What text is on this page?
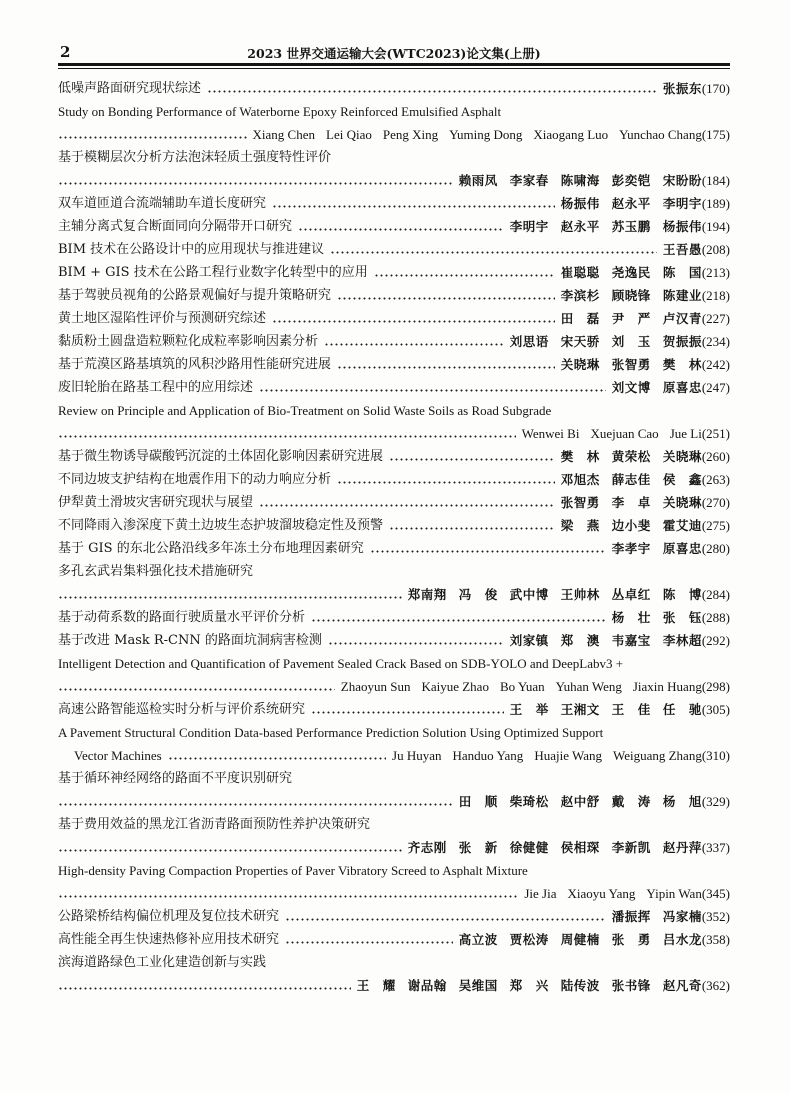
2	2023 世界交通运输大会(WTC2023)论文集(上册)
低噪声路面研究现状综述	张振东 (170)
Study on Bonding Performance of Waterborne Epoxy Reinforced Emulsified Asphalt
Xiang Chen Lei Qiao Peng Xing Yuming Dong Xiaogang Luo Yunchao Chang (175)
基于模糊层次分析方法泡沫轻质土强度特性评价
赖雨凤 李家春 陈啸海 彭奕铠 宋盼盼 (184)
双车道匝道合流端辅助车道长度研究	杨振伟 赵永平 李明宇 (189)
主辅分离式复合断面同向分隔带开口研究	李明宇 赵永平 苏玉鹏 杨振伟 (194)
BIM 技术在公路设计中的应用现状与推进建议	王吾愚 (208)
BIM + GIS 技术在公路工程行业数字化转型中的应用	崔聪聪 尧逸民 陈　国 (213)
基于驾驶员视角的公路景观偏好与提升策略研究	李滨杉 顾晓锋 陈建业 (218)
黄土地区湿陷性评价与预测研究综述	田　磊 尹　严 卢汉青 (227)
黏质粉土圆盘造粒颗粒化成粒率影响因素分析	刘思语 宋天骄 刘　玉 贺振振 (234)
基于荒漠区路基填筑的风积沙路用性能研究进展	关晓琳 张智勇 樊　林 (242)
废旧轮胎在路基工程中的应用综述	刘文博 原喜忠 (247)
Review on Principle and Application of Bio-Treatment on Solid Waste Soils as Road Subgrade
Wenwei Bi Xuejuan Cao Jue Li (251)
基于微生物诱导碳酸钙沉淀的土体固化影响因素研究进展	樊　林 黄荣松 关晓琳 (260)
不同边坡支护结构在地震作用下的动力响应分析	邓旭杰 薛志佳 侯　鑫 (263)
伊犁黄土滑坡灾害研究现状与展望	张智勇 李　卓 关晓琳 (270)
不同降雨入渗深度下黄土边坡生态护坡溜坡稳定性及预警	梁　燕 边小斐 霍艾迪 (275)
基于 GIS 的东北公路沿线多年冻土分布地理因素研究	李孝宇 原喜忠 (280)
多孔玄武岩集料强化技术措施研究
郑南翔 冯　俊 武中博 王帅林 丛卓红 陈　博 (284)
基于动荷系数的路面行驶质量水平评价分析	杨　壮 张　钰 (288)
基于改进 Mask R-CNN 的路面坑洞病害检测	刘家镇 郑　澳 韦嘉宝 李林超 (292)
Intelligent Detection and Quantification of Pavement Sealed Crack Based on SDB-YOLO and DeepLabv3 +
Zhaoyun Sun Kaiyue Zhao Bo Yuan Yuhan Weng Jiaxin Huang (298)
高速公路智能巡检实时分析与评价系统研究	王　举 王湘文 王　佳 任　驰 (305)
A Pavement Structural Condition Data-based Performance Prediction Solution Using Optimized Support
Vector Machines	Ju Huyan Handuo Yang Huajie Wang Weiguang Zhang (310)
基于循环神经网络的路面不平度识别研究
田　顺 柴琦松 赵中舒 戴　涛 杨　旭 (329)
基于费用效益的黑龙江省沥青路面预防性养护决策研究
齐志刚 张　新 徐健健 侯相琛 李新凯 赵丹萍 (337)
High-density Paving Compaction Properties of Paver Vibratory Screed to Asphalt Mixture
Jie Jia Xiaoyu Yang Yipin Wan (345)
公路梁桥结构偏位机理及复位技术研究	潘振挥 冯家楠 (352)
高性能全再生快速热修补应用技术研究	高立波 贾松涛 周健楠 张　勇 吕水龙 (358)
滨海道路绿色工业化建造创新与实践
王　耀 谢品翰 吴维国 郑　兴 陆传波 张书锋 赵凡奇 (362)
